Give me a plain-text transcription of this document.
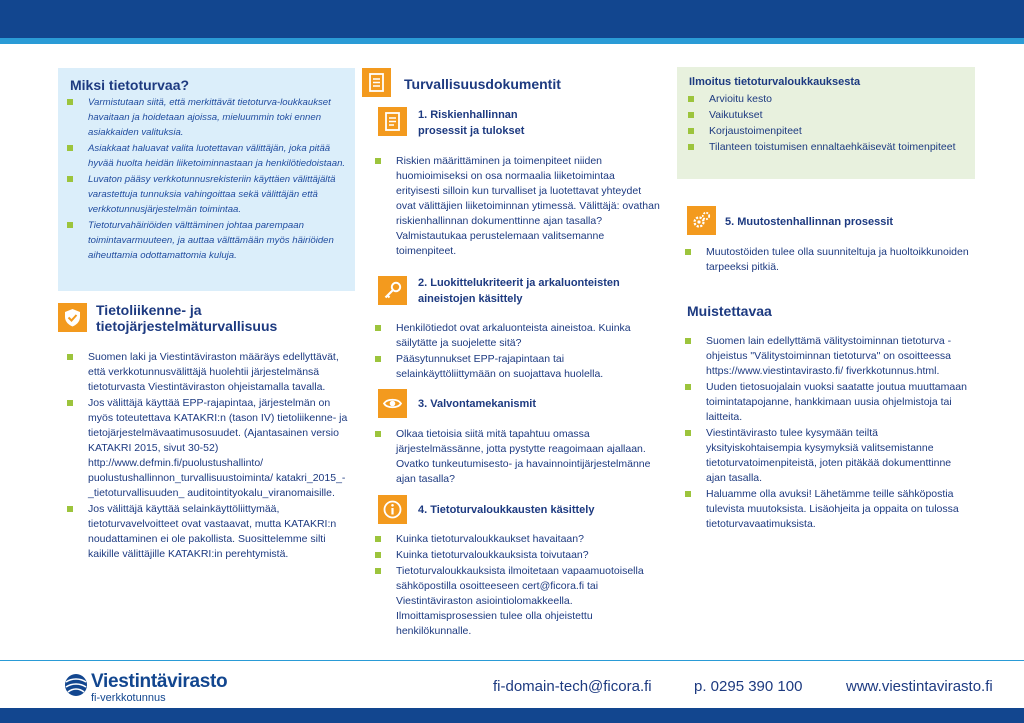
Miksi tietoturvaa?
Varmistutaan siitä, että merkittävät tietoturva-loukkaukset havaitaan ja hoidetaan ajoissa, mieluummin toki ennen asiakkaiden valituksia.
Asiakkaat haluavat valita luotettavan välittäjän, joka pitää hyvää huolta heidän liiketoiminnastaan ja henkilötiedoistaan.
Luvaton pääsy verkkotunnusrekisteriin käyttäen välittäjältä varastettuja tunnuksia vahingoittaa sekä välittäjän että verkkotunnusjärjestelmän toimintaa.
Tietoturvahäiriöiden välttäminen johtaa parempaan toimintavarmuuteen, ja auttaa välttämään myös häiriöiden aiheuttamia odottamattomia kuluja.
Tietoliikenne- ja
tietojärjestelmäturvallisuus
Suomen laki ja Viestintäviraston määräys edellyttävät, että verkkotunnusvälittäjä huolehtii järjestelmänsä tietoturvasta Viestintäviraston ohjeistamalla tavalla.
Jos välittäjä käyttää EPP-rajapintaa, järjestelmän on myös toteutettava KATAKRI:n (tason IV) tietoliikenne- ja tietojärjestelmävaatimusosuudet. (Ajantasainen versio KATAKRI 2015, sivut 30-52) http://www.defmin.fi/puolustushallinto/ puolustushallinnon_turvallisuustoiminta/ katakri_2015_-_tietoturvallisuuden_ auditointityokalu_viranomaisille.
Jos välittäjä käyttää selainkäyttöliittymää, tietoturvavelvoitteet ovat vastaavat, mutta KATAKRI:n noudattaminen ei ole pakollista. Suosittelemme silti kaikille välittäjille KATAKRI:in perehtymistä.
Turvallisuusdokumentit
1. Riskienhallinnan
prosessit ja tulokset
Riskien määrittäminen ja toimenpiteet niiden huomioimiseksi on osa normaalia liiketoimintaa erityisesti silloin kun turvalliset ja luotettavat yhteydet ovat välittäjien liiketoiminnan ytimessä. Välittäjä: ovathan riskienhallinnan dokumenttinne ajan tasalla? Valmistautukaa perustelemaan valitsemanne toimenpiteet.
2. Luokittelukriteerit ja arkaluonteisten
aineistojen käsittely
Henkilötiedot ovat arkaluonteista aineistoa. Kuinka säilytätte ja suojelette sitä?
Pääsytunnukset EPP-rajapintaan tai selainkäyttöliittymään on suojattava huolella.
3. Valvontamekanismit
Olkaa tietoisia siitä mitä tapahtuu omassa järjestelmässänne, jotta pystytte reagoimaan ajallaan. Ovatko tunkeutumisesto- ja havainnointijärjestelmänne ajan tasalla?
4. Tietoturvaloukkausten käsittely
Kuinka tietoturvaloukkaukset havaitaan?
Kuinka tietoturvaloukkauksista toivutaan?
Tietoturvaloukkauksista ilmoitetaan vapaamuotoisella sähköpostilla osoitteeseen cert@ficora.fi tai Viestintäviraston asiointiolomakkeella. Ilmoittamisprosessien tulee olla ohjeistettu henkilökunnalle.
Ilmoitus tietoturvaloukkauksesta
Arvioitu kesto
Vaikutukset
Korjaustoimenpiteet
Tilanteen toistumisen ennaltaehkäisevät toimenpiteet
5. Muutostenhallinnan prosessit
Muutostöiden tulee olla suunniteltuja ja huoltoikkunoiden tarpeeksi pitkiä.
Muistettavaa
Suomen lain edellyttämä välitystoiminnan tietoturva -ohjeistus "Välitystoiminnan tietoturva" on osoitteessa https://www.viestintavirasto.fi/ fiverkkotunnus.html.
Uuden tietosuojalain vuoksi saatatte joutua muuttamaan toimintatapojanne, hankkimaan uusia ohjelmistoja tai laitteita.
Viestintävirasto tulee kysymään teiltä yksityiskohtaisempia kysymyksiä valitsemistanne tietoturvatoimenpiteistä, joten pitäkää dokumenttinne ajan tasalla.
Haluamme olla avuksi! Lähetämme teille sähköpostia tulevista muutoksista. Lisäohjeita ja oppaita on tulossa tietoturvavaatimuksista.
Viestintävirasto
fi-verkkotunnus
fi-domain-tech@ficora.fi	p. 0295 390 100	www.viestintavirasto.fi
